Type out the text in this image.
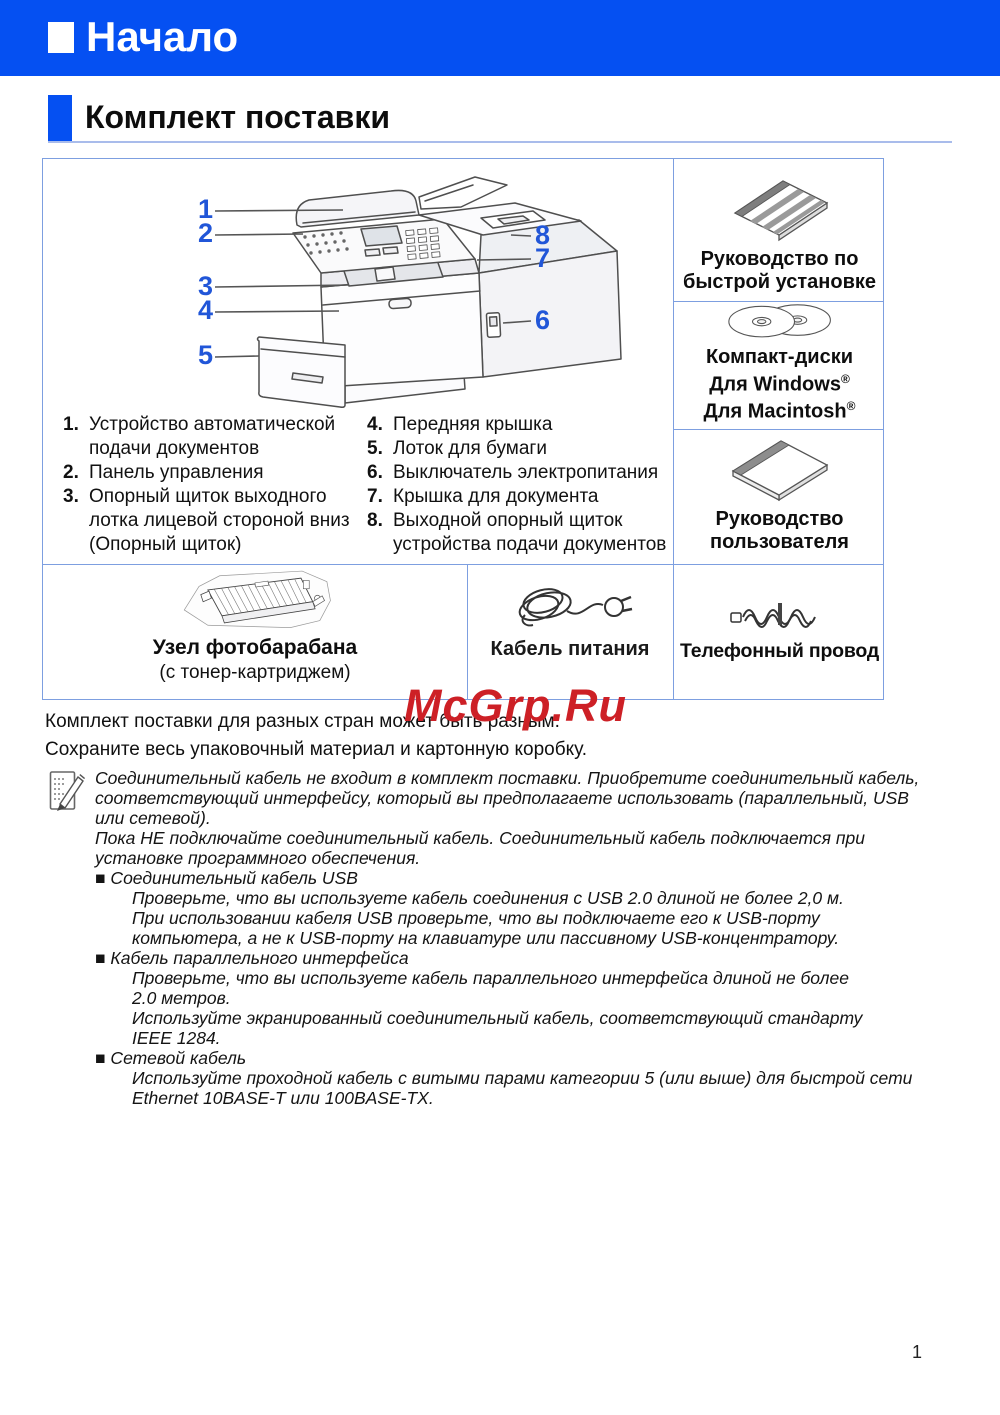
Начало
Комплект поставки
1
2
3
4
5
6
7
8
1. Устройство автоматической подачи документов
2. Панель управления
3. Опорный щиток выходного лотка лицевой стороной вниз (Опорный щиток)
4. Передняя крышка
5. Лоток для бумаги
6. Выключатель электропитания
7. Крышка для документа
8. Выходной опорный щиток устройства подачи документов
Руководство по
быстрой установке
Компакт-диски
Для Windows®
Для Macintosh®
Руководство
пользователя
Телефонный провод
Узел фотобарабана
(с тонер-картриджем)
Кабель питания
McGrp.Ru
Комплект поставки для разных стран может быть разным.
Сохраните весь упаковочный материал и картонную коробку.
Соединительный кабель не входит в комплект поставки. Приобретите соединительный кабель,
соответствующий интерфейсу, который вы предполагаете использовать (параллельный, USB
или сетевой).
Пока НЕ подключайте соединительный кабель. Соединительный кабель подключается при
установке программного обеспечения.
■ Соединительный кабель USB
Проверьте, что вы используете кабель соединения с USB 2.0 длиной не более 2,0 м.
При использовании кабеля USB проверьте, что вы подключаете его к USB-порту
компьютера, а не к USB-порту на клавиатуре или пассивному USB-концентратору.
■ Кабель параллельного интерфейса
Проверьте, что вы используете кабель параллельного интерфейса длиной не более
2.0 метров.
Используйте экранированный соединительный кабель, соответствующий стандарту
IEEE 1284.
■ Сетевой кабель
Используйте проходной кабель с витыми парами категории 5 (или выше) для быстрой сети
Ethernet 10BASE-T или 100BASE-TX.
1
